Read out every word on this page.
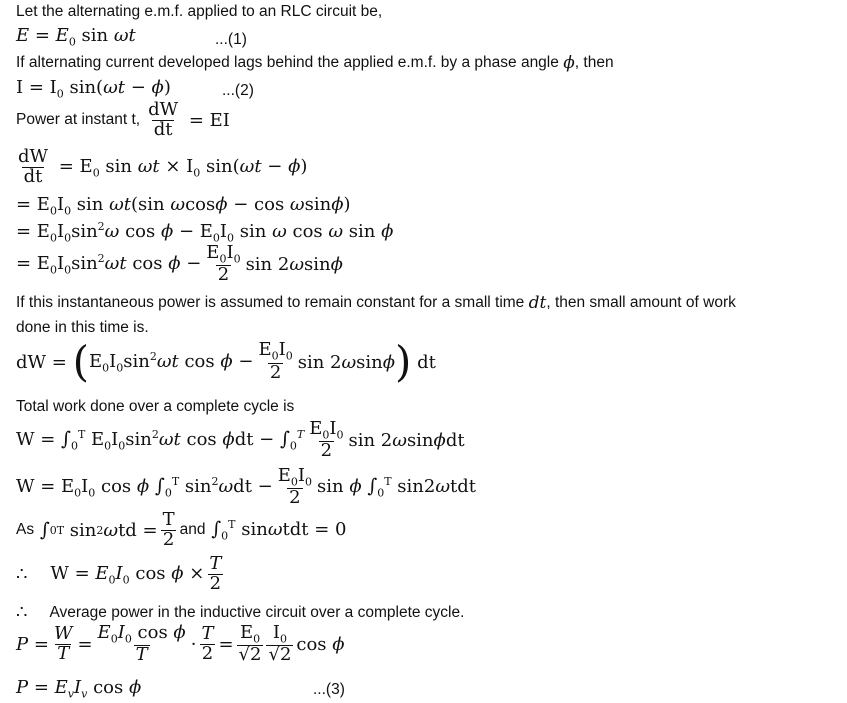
Let the alternating e.m.f. applied to an RLC circuit be,
$E = E_0$ sin ωt	...(1)
If alternating current developed lags behind the applied e.m.f. by a phase angle
ϕ , then
$I = I_0$ sin(ωt − ϕ)	...(2)
Power at instant t, $\frac{dW}{dt}$ = EI
$\frac{dW}{dt} = E_0$ $\sin \omega t \times I_0$ sin(ωt − ϕ)
= $E_0I_0$ sin ωt(sin ωcosϕ − cos ωsinϕ)
= $E_0I_0\sin^2\omega$ $\cos \phi - E_0I_0$ sin ω cos ω sin ϕ
= $E_0I_0\sin^2\omega t$ $\cos \phi - \frac{E_0I_0}{2}$ sin 2ωsinϕ
If this instantaneous power is assumed to remain constant for a small time
dt , then small amount of work
done in this time is.
dW = ( $E_0I_0\sin^2\omega t$ $\cos \phi - \frac{E_0I_0}{2}$ sin 2ωsinϕ ) dt
Total work done over a complete cycle is
$W = \int_0^T$ $E_0I_0\sin^2\omega t$ $\cos \phi dt - \int_0^T \frac{E_0I_0}{2}$ sin 2ωsinϕdt
$W = E_0I_0$ cos ϕ $\int_0^T$ $\sin^2\omega dt - \frac{E_0I_0}{2}$ sin ϕ $\int_0^T$ sin2ωtdt
As
∫ 0 T sin 2 ω td = $\frac{T}{2}$ and $\int_0^T$ sinωtdt = 0
∴ $W = E_0I_0$ $\cos \phi \times \frac{T}{2}$
∴ Average power in the inductive circuit over a complete cycle.
$P = \frac{W}{T} = \frac{E_0I_0 \cos \phi}{T} \cdot \frac{T}{2} = \frac{E_0}{√2} \frac{I_0}{√2}$ cos ϕ
$P = E_vI_v$ cos ϕ	...(3)
